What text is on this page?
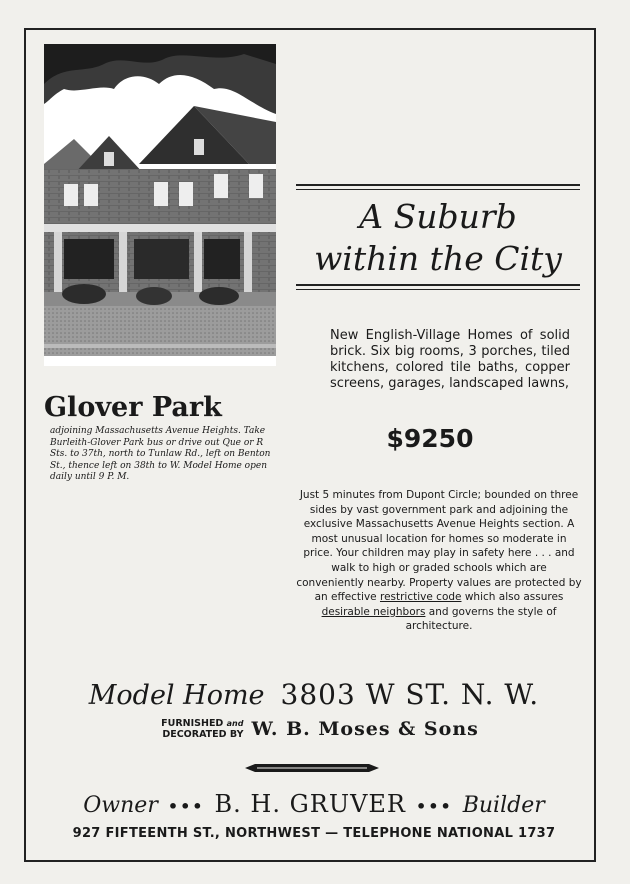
A Suburb
within the City
New English-Village Homes of solid brick. Six big rooms, 3 porches, tiled kitchens, colored tile baths, copper screens, garages, landscaped lawns,
$9250
Just 5 minutes from Dupont Circle; bounded on three sides by vast government park and adjoining the exclusive Massachusetts Avenue Heights section. A most unusual location for homes so moderate in price. Your children may play in safety here . . . and walk to high or graded schools which are conveniently nearby. Property values are protected by an effective restrictive code which also assures desirable neighbors and governs the style of architecture.
Glover Park
adjoining Massachusetts Avenue Heights. Take Burleith-Glover Park bus or drive out Que or R Sts. to 37th, north to Tunlaw Rd., left on Benton St., thence left on 38th to W. Model Home open daily until 9 P. M.
Model Home 3803 W ST. N. W.
FURNISHED and
DECORATED BY W. B. Moses & Sons
Owner ••• B. H. GRUVER ••• Builder
927 FIFTEENTH ST., NORTHWEST — TELEPHONE NATIONAL 1737
